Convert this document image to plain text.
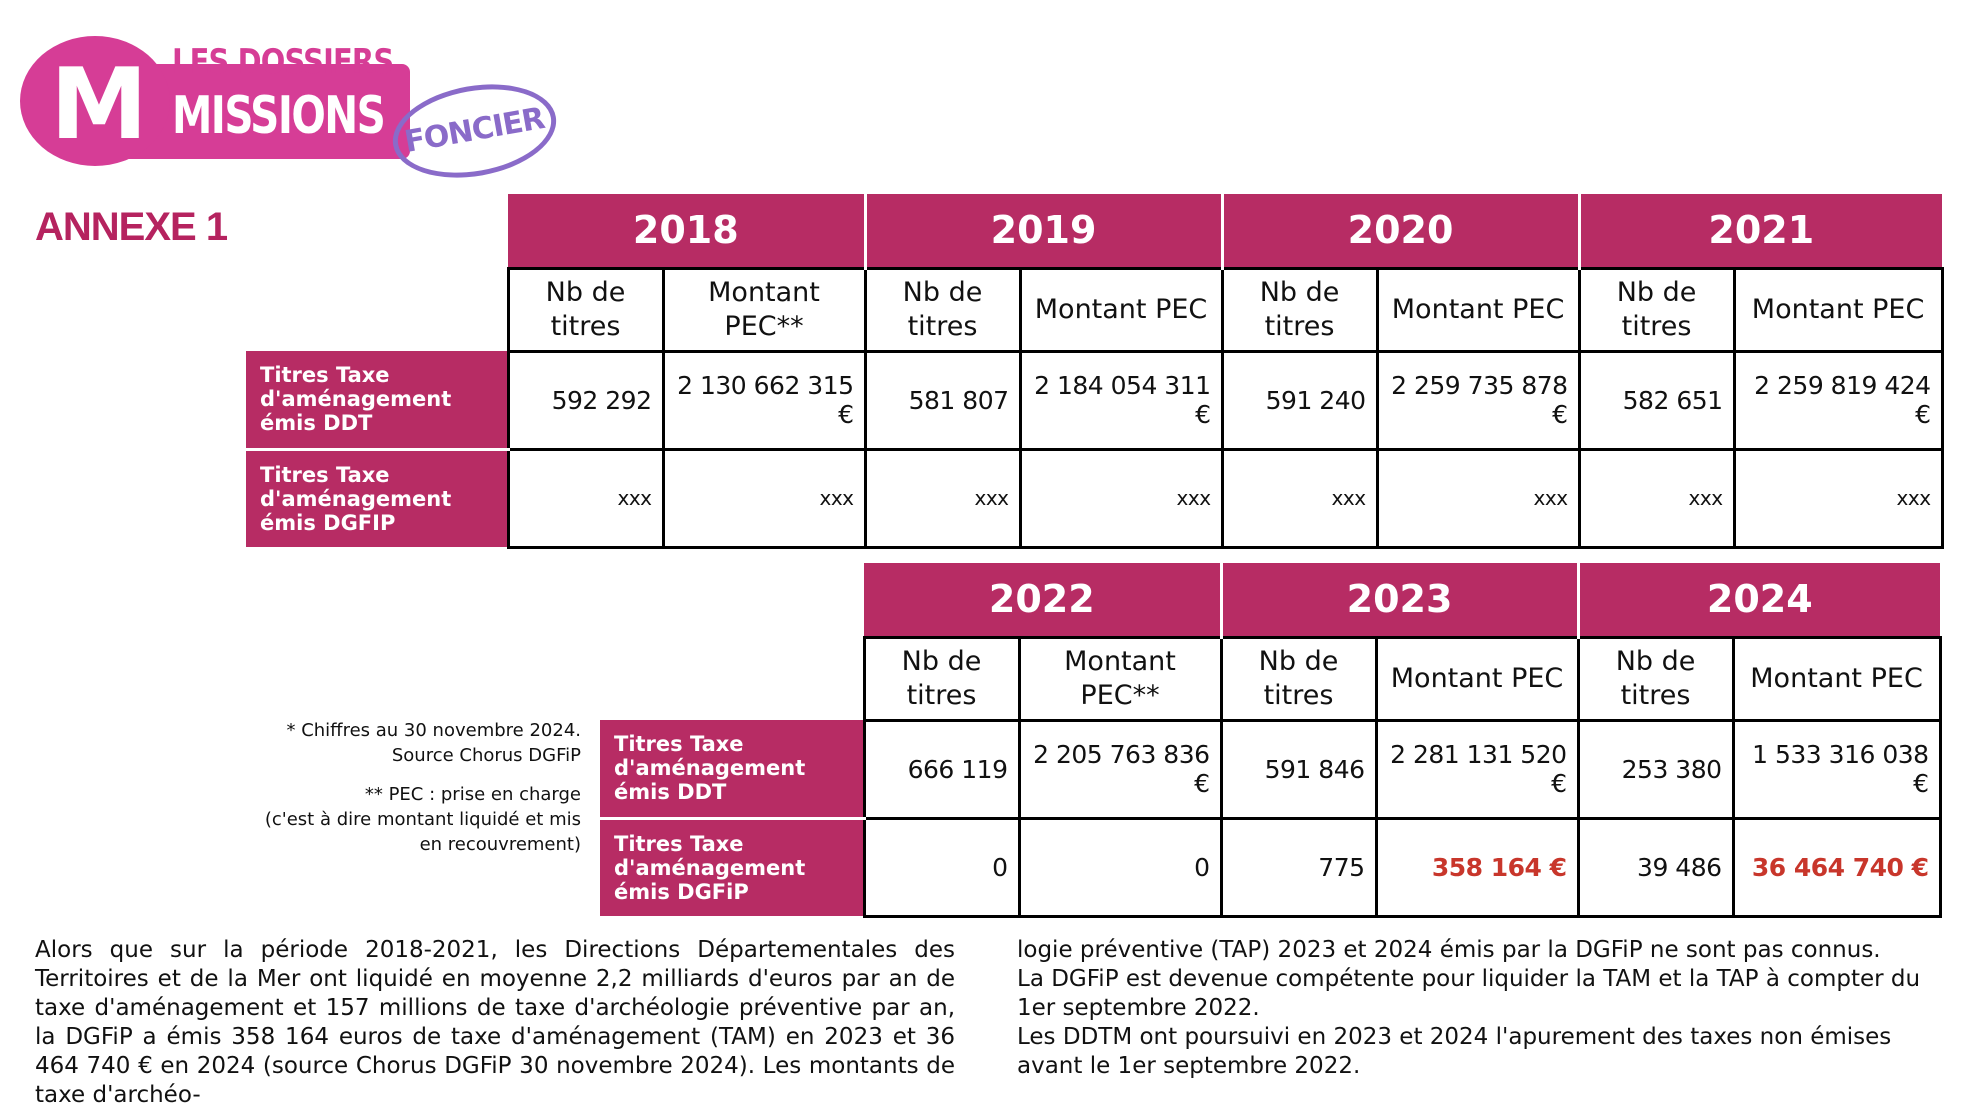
M LES DOSSIERS
MISSIONS FONCIER
ANNEXE 1
		2018		2019		2020		2021	
	Nb de titres	Montant PEC**	Nb de titres	Montant PEC	Nb de titres	Montant PEC	Nb de titres	Montant PEC
Titres Taxe d'aménagement émis DDT	592 292	2 130 662 315 €	581 807	2 184 054 311 €	591 240	2 259 735 878 €	582 651	2 259 819 424 €
Titres Taxe d'aménagement émis DGFIP	xxx	xxx	xxx	xxx	xxx	xxx	xxx	xxx
	2022		2023		2024	
	Nb de titres	Montant PEC**	Nb de titres	Montant PEC	Nb de titres	Montant PEC
Titres Taxe d'aménagement émis DDT	666 119	2 205 763 836 €	591 846	2 281 131 520 €	253 380	1 533 316 038 €
Titres Taxe d'aménagement émis DGFiP	0	0	775	358 164 €	39 486	36 464 740 €

* Chiffres au 30 novembre 2024.
Source Chorus DGFiP

** PEC : prise en charge
(c'est à dire montant liquidé et mis
en recouvrement)

Alors que sur la période 2018-2021, les Directions Départementales des Territoires et de la Mer ont liquidé en moyenne 2,2 milliards d'euros par an de taxe d'aménagement et 157 millions de taxe d'archéologie préventive par an, la DGFiP a émis 358 164 euros de taxe d'aménagement (TAM) en 2023 et 36 464 740 € en 2024 (source Chorus DGFiP 30 novembre 2024). Les montants de taxe d'archéo-

logie préventive (TAP) 2023 et 2024 émis par la DGFiP ne sont pas connus.

La DGFiP est devenue compétente pour liquider la TAM et la TAP à compter du 1er septembre 2022.

Les DDTM ont poursuivi en 2023 et 2024 l'apurement des taxes non émises avant le 1er septembre 2022.
